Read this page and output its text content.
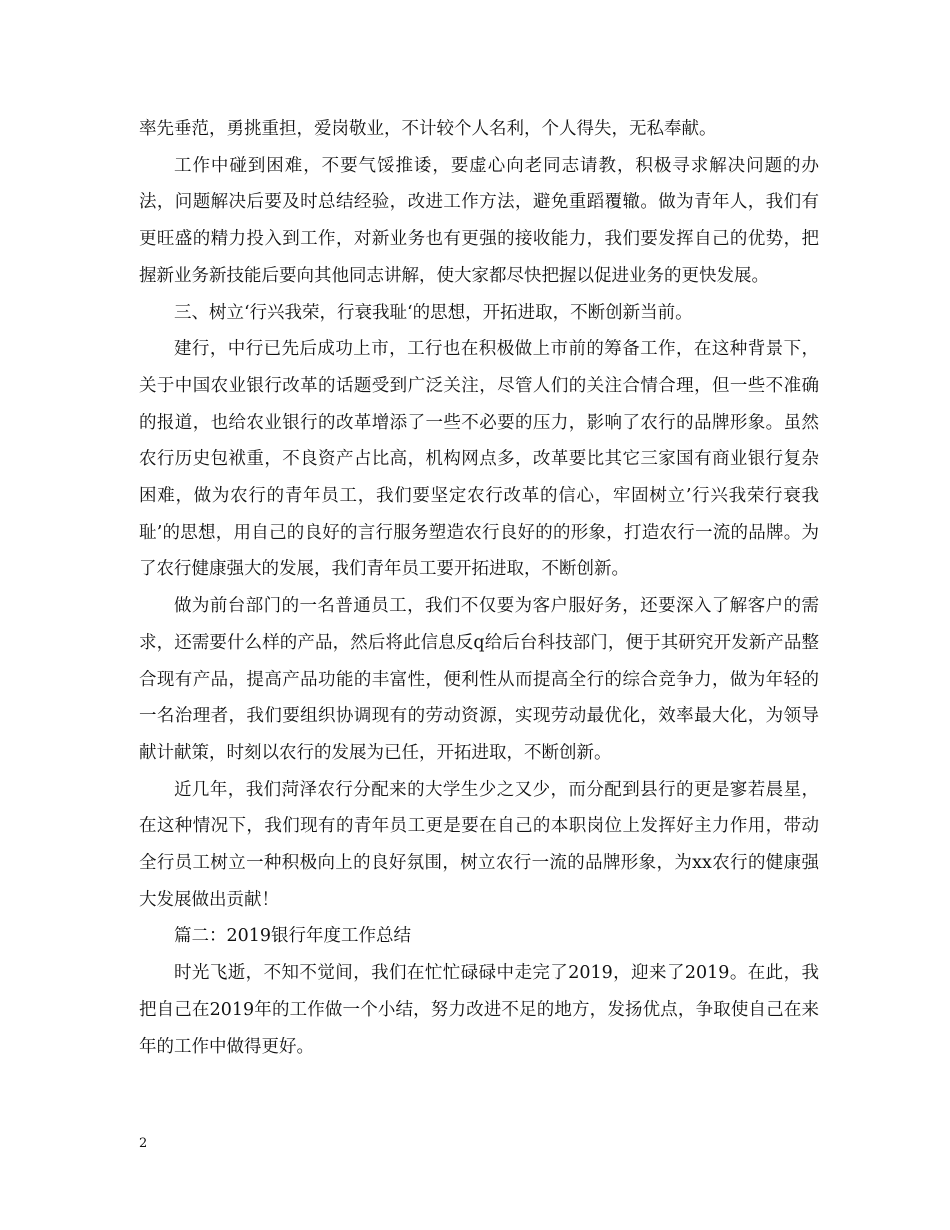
率先垂范，勇挑重担，爱岗敬业，不计较个人名利，个人得失，无私奉献。

工作中碰到困难，不要气馁推诿，要虚心向老同志请教，积极寻求解决问题的办法，问题解决后要及时总结经验，改进工作方法，避免重蹈覆辙。做为青年人，我们有更旺盛的精力投入到工作，对新业务也有更强的接收能力，我们要发挥自己的优势，把握新业务新技能后要向其他同志讲解，使大家都尽快把握以促进业务的更快发展。

三、树立‘行兴我荣，行衰我耻‘的思想，开拓进取，不断创新当前。

建行，中行已先后成功上市，工行也在积极做上市前的筹备工作，在这种背景下，关于中国农业银行改革的话题受到广泛关注，尽管人们的关注合情合理，但一些不准确的报道，也给农业银行的改革增添了一些不必要的压力，影响了农行的品牌形象。虽然农行历史包袱重，不良资产占比高，机构网点多，改革要比其它三家国有商业银行复杂困难，做为农行的青年员工，我们要坚定农行改革的信心，牢固树立’行兴我荣行衰我耻’的思想，用自己的良好的言行服务塑造农行良好的的形象，打造农行一流的品牌。为了农行健康强大的发展，我们青年员工要开拓进取，不断创新。

做为前台部门的一名普通员工，我们不仅要为客户服好务，还要深入了解客户的需求，还需要什么样的产品，然后将此信息反q给后台科技部门，便于其研究开发新产品整合现有产品，提高产品功能的丰富性，便利性从而提高全行的综合竞争力，做为年轻的一名治理者，我们要组织协调现有的劳动资源，实现劳动最优化，效率最大化，为领导献计献策，时刻以农行的发展为已任，开拓进取，不断创新。

近几年，我们菏泽农行分配来的大学生少之又少，而分配到县行的更是寥若晨星，在这种情况下，我们现有的青年员工更是要在自己的本职岗位上发挥好主力作用，带动全行员工树立一种积极向上的良好氛围，树立农行一流的品牌形象，为xx农行的健康强大发展做出贡献！

篇二：2019银行年度工作总结

时光飞逝，不知不觉间，我们在忙忙碌碌中走完了2019，迎来了2019。在此，我把自己在2019年的工作做一个小结，努力改进不足的地方，发扬优点，争取使自己在来年的工作中做得更好。

2
